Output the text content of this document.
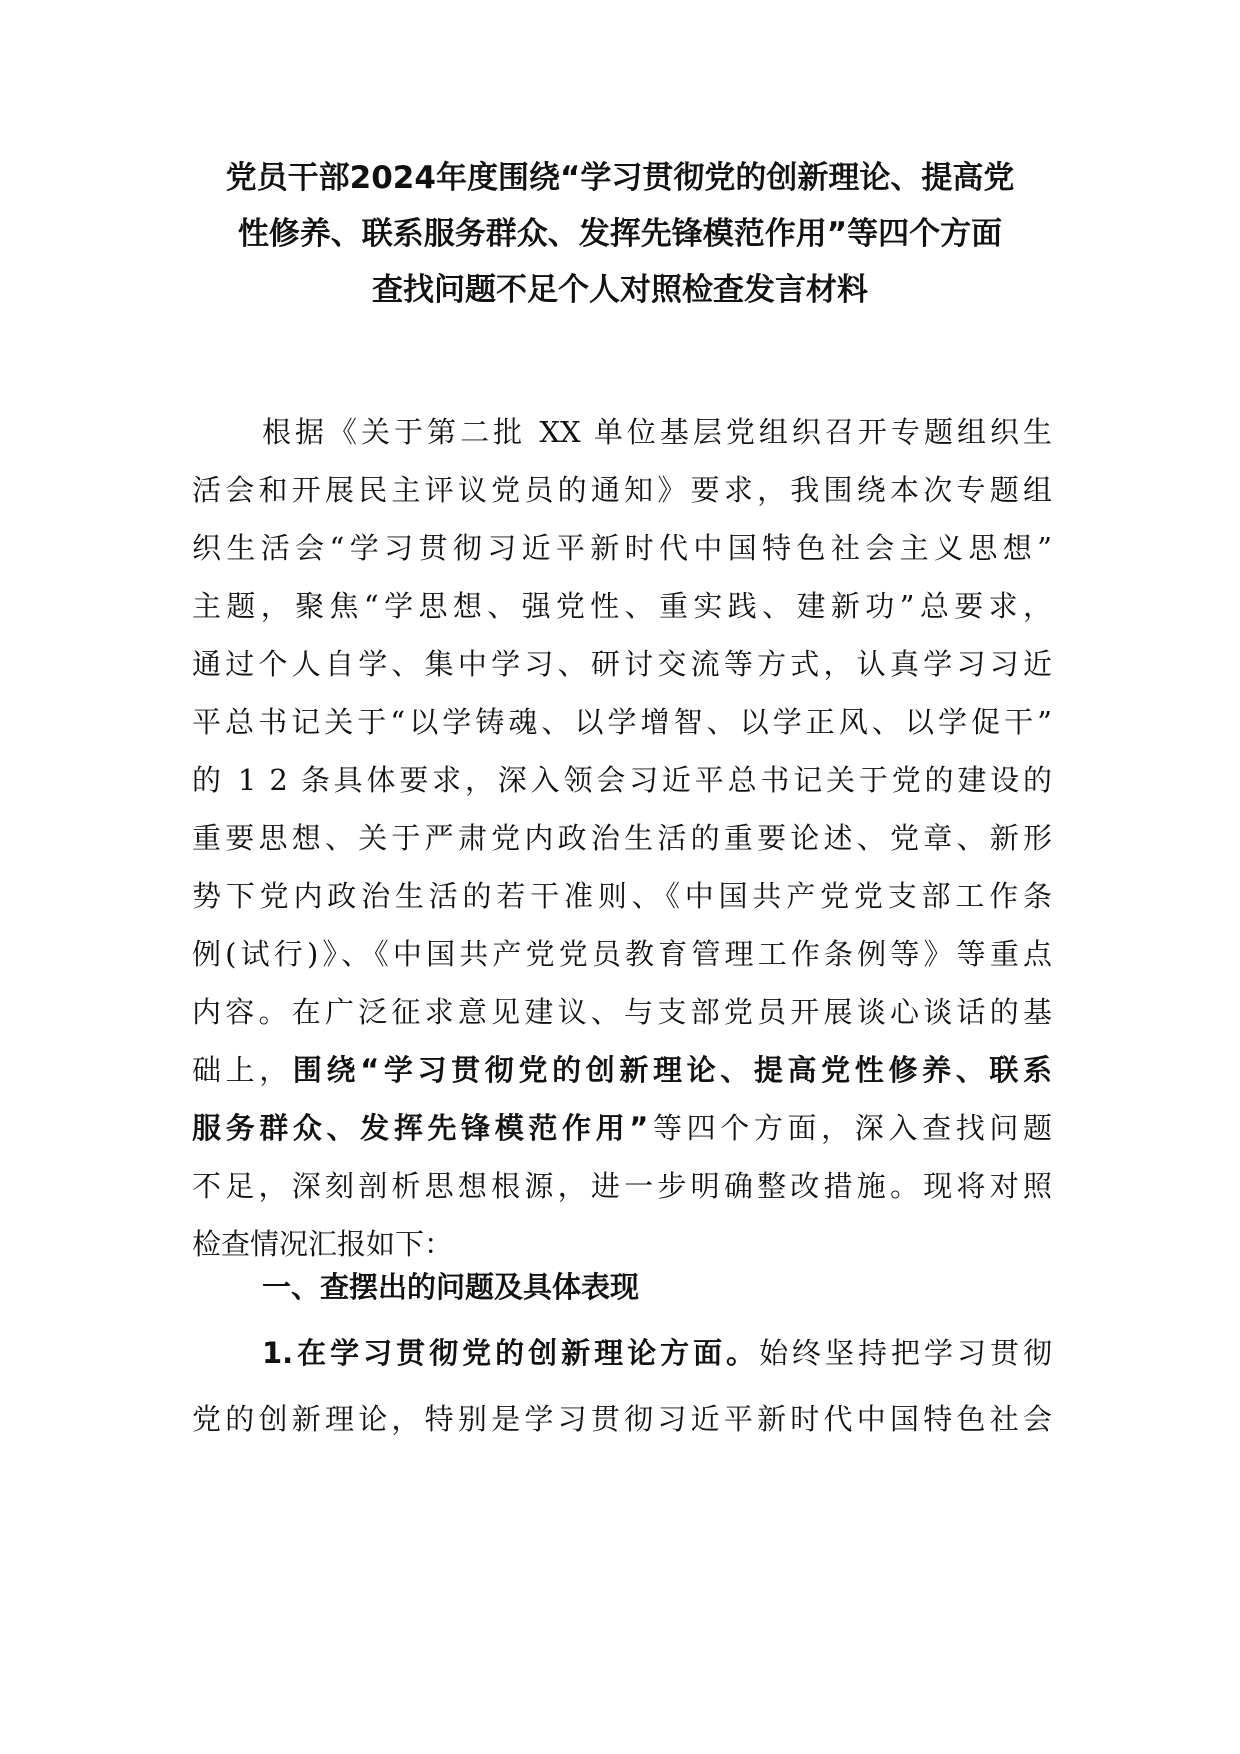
党员干部2024年度围绕“学习贯彻党的创新理论、提高党
性修养、联系服务群众、发挥先锋模范作用”等四个方面
查找问题不足个人对照检查发言材料
根据《关于第二批 XX 单位基层党组织召开专题组织生
活会和开展民主评议党员的通知》要求，我围绕本次专题组
织生活会“学习贯彻习近平新时代中国特色社会主义思想”
主题，聚焦“学思想、强党性、重实践、建新功”总要求，
通过个人自学、集中学习、研讨交流等方式，认真学习习近
平总书记关于“以学铸魂、以学增智、以学正风、以学促干”
的 1 2 条具体要求，深入领会习近平总书记关于党的建设的
重要思想、关于严肃党内政治生活的重要论述、党章、新形
势下党内政治生活的若干准则、《中国共产党党支部工作条
例(试行)》、《中国共产党党员教育管理工作条例等》等重点
内容。在广泛征求意见建议、与支部党员开展谈心谈话的基
础上，围绕“学习贯彻党的创新理论、提高党性修养、联系
服务群众、发挥先锋模范作用”等四个方面，深入查找问题
不足，深刻剖析思想根源，进一步明确整改措施。现将对照
检查情况汇报如下：
一、查摆出的问题及具体表现
1.在学习贯彻党的创新理论方面。始终坚持把学习贯彻
党的创新理论，特别是学习贯彻习近平新时代中国特色社会
